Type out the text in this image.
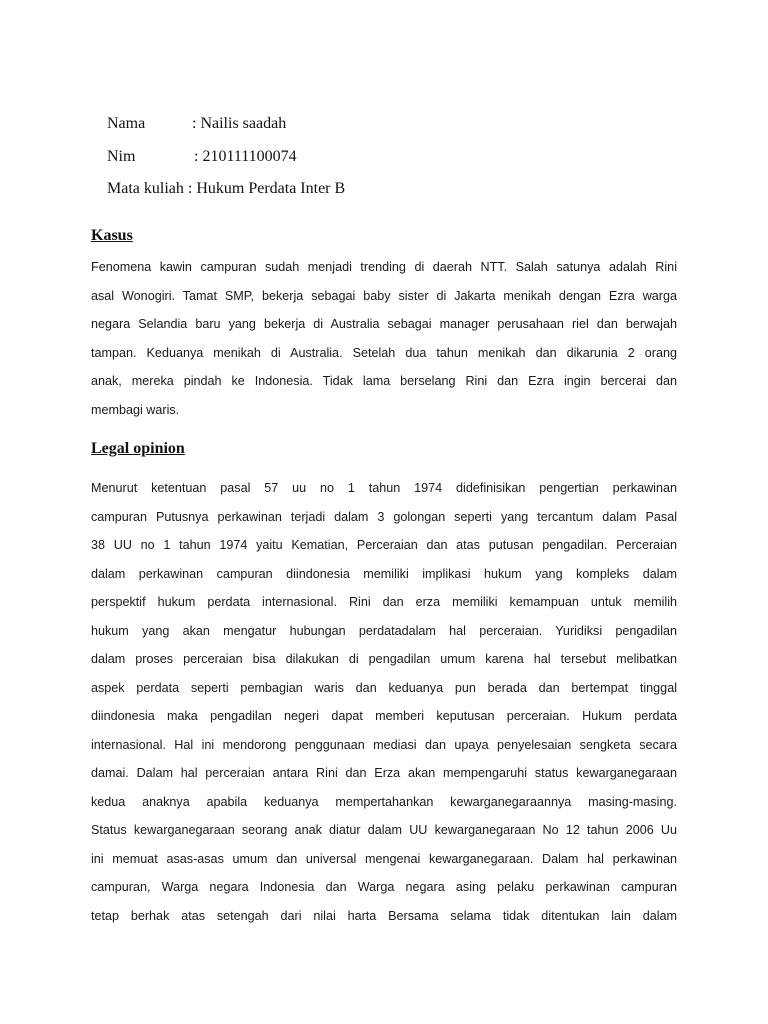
Nama	: Nailis saadah

Nim	: 210111100074

Mata kuliah : Hukum Perdata Inter B

Kasus
Fenomena kawin campuran sudah menjadi trending di daerah NTT. Salah satunya adalah Rini
asal Wonogiri. Tamat SMP, bekerja sebagai baby sister di Jakarta menikah dengan Ezra warga
negara Selandia baru yang bekerja di Australia sebagai manager perusahaan riel dan berwajah
tampan. Keduanya menikah di Australia. Setelah dua tahun menikah dan dikarunia 2 orang
anak, mereka pindah ke Indonesia. Tidak lama berselang Rini dan Ezra ingin bercerai dan
membagi waris.
Legal opinion
Menurut ketentuan pasal 57 uu no 1 tahun 1974 didefinisikan pengertian perkawinan
campuran Putusnya perkawinan terjadi dalam 3 golongan seperti yang tercantum dalam Pasal
38 UU no 1 tahun 1974 yaitu Kematian, Perceraian dan atas putusan pengadilan. Perceraian
dalam perkawinan campuran diindonesia memiliki implikasi hukum yang kompleks dalam
perspektif hukum perdata internasional. Rini dan erza memiliki kemampuan untuk memilih
hukum yang akan mengatur hubungan perdatadalam hal perceraian. Yuridiksi pengadilan
dalam proses perceraian bisa dilakukan di pengadilan umum karena hal tersebut melibatkan
aspek perdata seperti pembagian waris dan keduanya pun berada dan bertempat tinggal
diindonesia maka pengadilan negeri dapat memberi keputusan perceraian. Hukum perdata
internasional. Hal ini mendorong penggunaan mediasi dan upaya penyelesaian sengketa secara
damai. Dalam hal perceraian antara Rini dan Erza akan mempengaruhi status kewarganegaraan
kedua anaknya apabila keduanya mempertahankan kewarganegaraannya masing-masing.
Status kewarganegaraan seorang anak diatur dalam UU kewarganegaraan No 12 tahun 2006 Uu
ini memuat asas-asas umum dan universal mengenai kewarganegaraan. Dalam hal perkawinan
campuran, Warga negara Indonesia dan Warga negara asing pelaku perkawinan campuran
tetap berhak atas setengah dari nilai harta Bersama selama tidak ditentukan lain dalam
